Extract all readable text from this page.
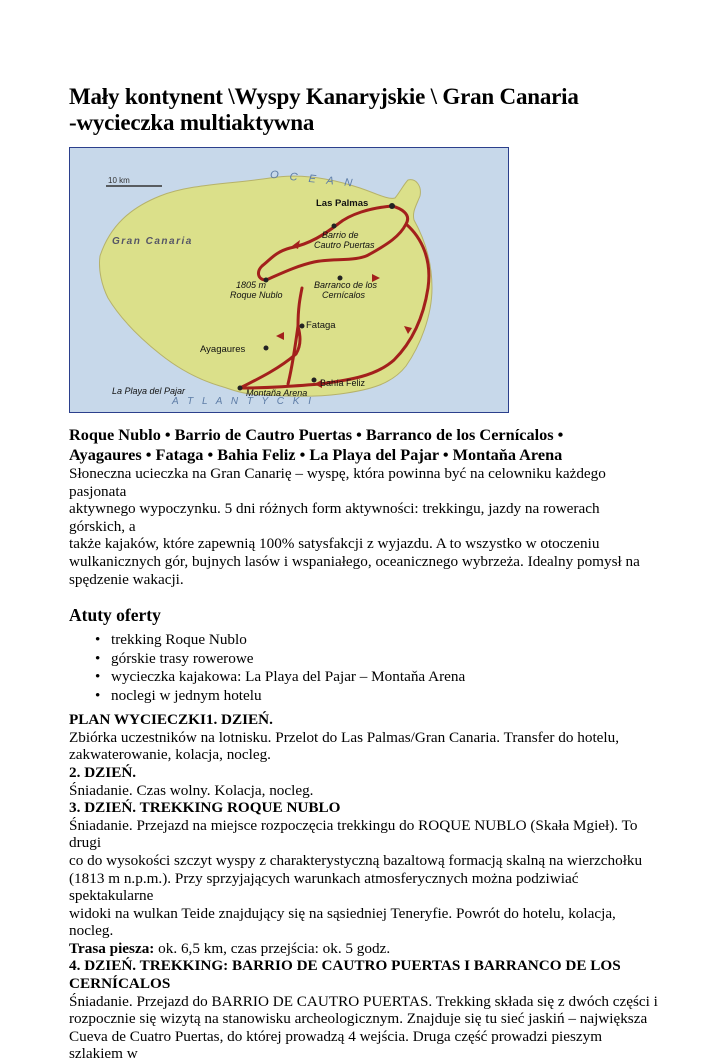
Mały kontynent \Wyspy Kanaryjskie \ Gran Canaria
-wycieczka multiaktywna
10 km	O C E A N
A T L A N T Y C K I
Gran Canaria
Las Palmas
Barrio de
Cautro Puertas
1805 m
Roque Nublo
Barranco de los
Cernícalos
Fataga
Ayagaures
Bahía Feliz
La Playa del Pajar	Montaña Arena
Roque Nublo • Barrio de Cautro Puertas • Barranco de los Cernícalos •
Ayagaures • Fataga • Bahia Feliz • La Playa del Pajar • Montaňa Arena
Słoneczna ucieczka na Gran Canarię – wyspę, która powinna być na celowniku każdego pasjonata
aktywnego wypoczynku. 5 dni różnych form aktywności: trekkingu, jazdy na rowerach górskich, a
także kajaków, które zapewnią 100% satysfakcji z wyjazdu. A to wszystko w otoczeniu
wulkanicznych gór, bujnych lasów i wspaniałego, oceanicznego wybrzeża. Idealny pomysł na
spędzenie wakacji.
Atuty oferty
• trekking Roque Nublo
• górskie trasy rowerowe
• wycieczka kajakowa: La Playa del Pajar – Montaňa Arena
• noclegi w jednym hotelu

PLAN WYCIECZKI1. DZIEŃ.

Zbiórka uczestników na lotnisku. Przelot do Las Palmas/Gran Canaria. Transfer do hotelu,

zakwaterowanie, kolacja, nocleg.

2. DZIEŃ.

Śniadanie. Czas wolny. Kolacja, nocleg.

3. DZIEŃ. TREKKING ROQUE NUBLO

Śniadanie. Przejazd na miejsce rozpoczęcia trekkingu do ROQUE NUBLO (Skała Mgieł). To drugi

co do wysokości szczyt wyspy z charakterystyczną bazaltową formacją skalną na wierzchołku

(1813 m n.p.m.). Przy sprzyjających warunkach atmosferycznych można podziwiać spektakularne

widoki na wulkan Teide znajdujący się na sąsiedniej Teneryfie. Powrót do hotelu, kolacja, nocleg.

Trasa piesza: ok. 6,5 km, czas przejścia: ok. 5 godz.

4. DZIEŃ. TREKKING: BARRIO DE CAUTRO PUERTAS I BARRANCO DE LOS

CERNÍCALOS

Śniadanie. Przejazd do BARRIO DE CAUTRO PUERTAS. Trekking składa się z dwóch części i

rozpocznie się wizytą na stanowisku archeologicznym. Znajduje się tu sieć jaskiń – największa

Cueva de Cuatro Puertas, do której prowadzą 4 wejścia. Druga część prowadzi pieszym szlakiem w
